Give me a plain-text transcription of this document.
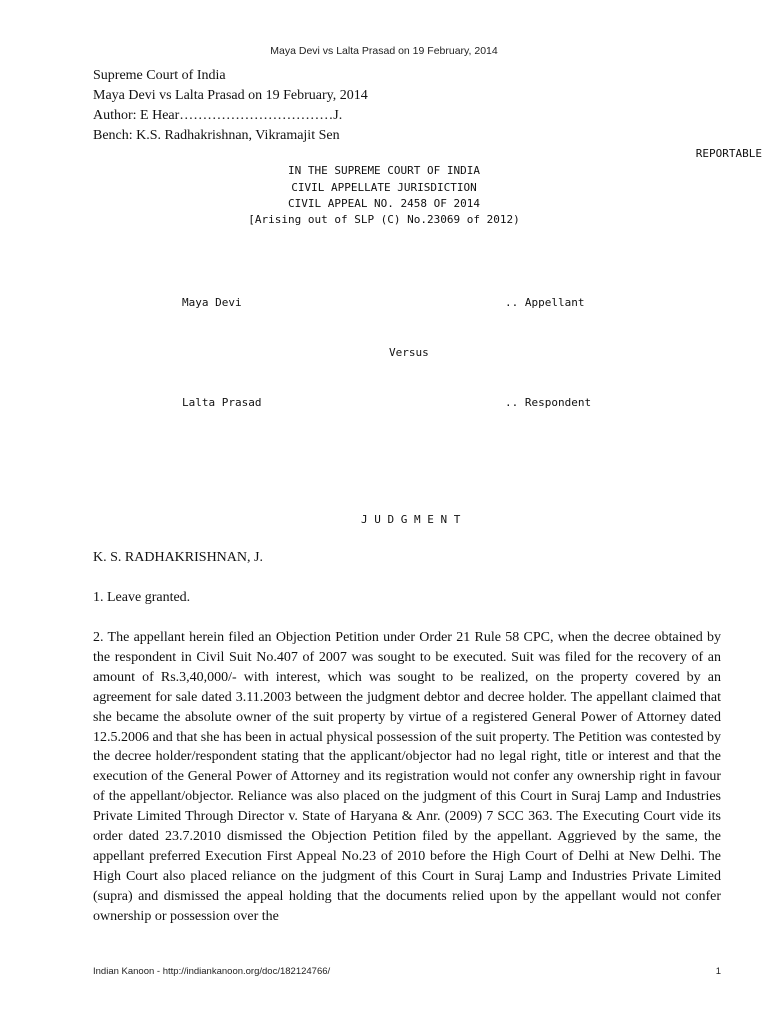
Maya Devi vs Lalta Prasad on 19 February, 2014
Supreme Court of India
Maya Devi vs Lalta Prasad on 19 February, 2014
Author: E Hear……………………………J.
Bench: K.S. Radhakrishnan, Vikramajit Sen
REPORTABLE
IN THE SUPREME COURT OF INDIA
CIVIL APPELLATE JURISDICTION
CIVIL APPEAL NO. 2458 OF 2014
[Arising out of SLP (C) No.23069 of 2012)
Maya Devi	.. Appellant
Versus
Lalta Prasad	.. Respondent
J U D G M E N T
K. S. RADHAKRISHNAN, J.

1. Leave granted.

2. The appellant herein filed an Objection Petition under Order 21 Rule 58 CPC, when the decree obtained by the respondent in Civil Suit No.407 of 2007 was sought to be executed. Suit was filed for the recovery of an amount of Rs.3,40,000/- with interest, which was sought to be realized, on the property covered by an agreement for sale dated 3.11.2003 between the judgment debtor and decree holder. The appellant claimed that she became the absolute owner of the suit property by virtue of a registered General Power of Attorney dated 12.5.2006 and that she has been in actual physical possession of the suit property. The Petition was contested by the decree holder/respondent stating that the applicant/objector had no legal right, title or interest and that the execution of the General Power of Attorney and its registration would not confer any ownership right in favour of the appellant/objector. Reliance was also placed on the judgment of this Court in Suraj Lamp and Industries Private Limited Through Director v. State of Haryana & Anr. (2009) 7 SCC 363. The Executing Court vide its order dated 23.7.2010 dismissed the Objection Petition filed by the appellant. Aggrieved by the same, the appellant preferred Execution First Appeal No.23 of 2010 before the High Court of Delhi at New Delhi. The High Court also placed reliance on the judgment of this Court in Suraj Lamp and Industries Private Limited (supra) and dismissed the appeal holding that the documents relied upon by the appellant would not confer ownership or possession over the

Indian Kanoon - http://indiankanoon.org/doc/182124766/	1
